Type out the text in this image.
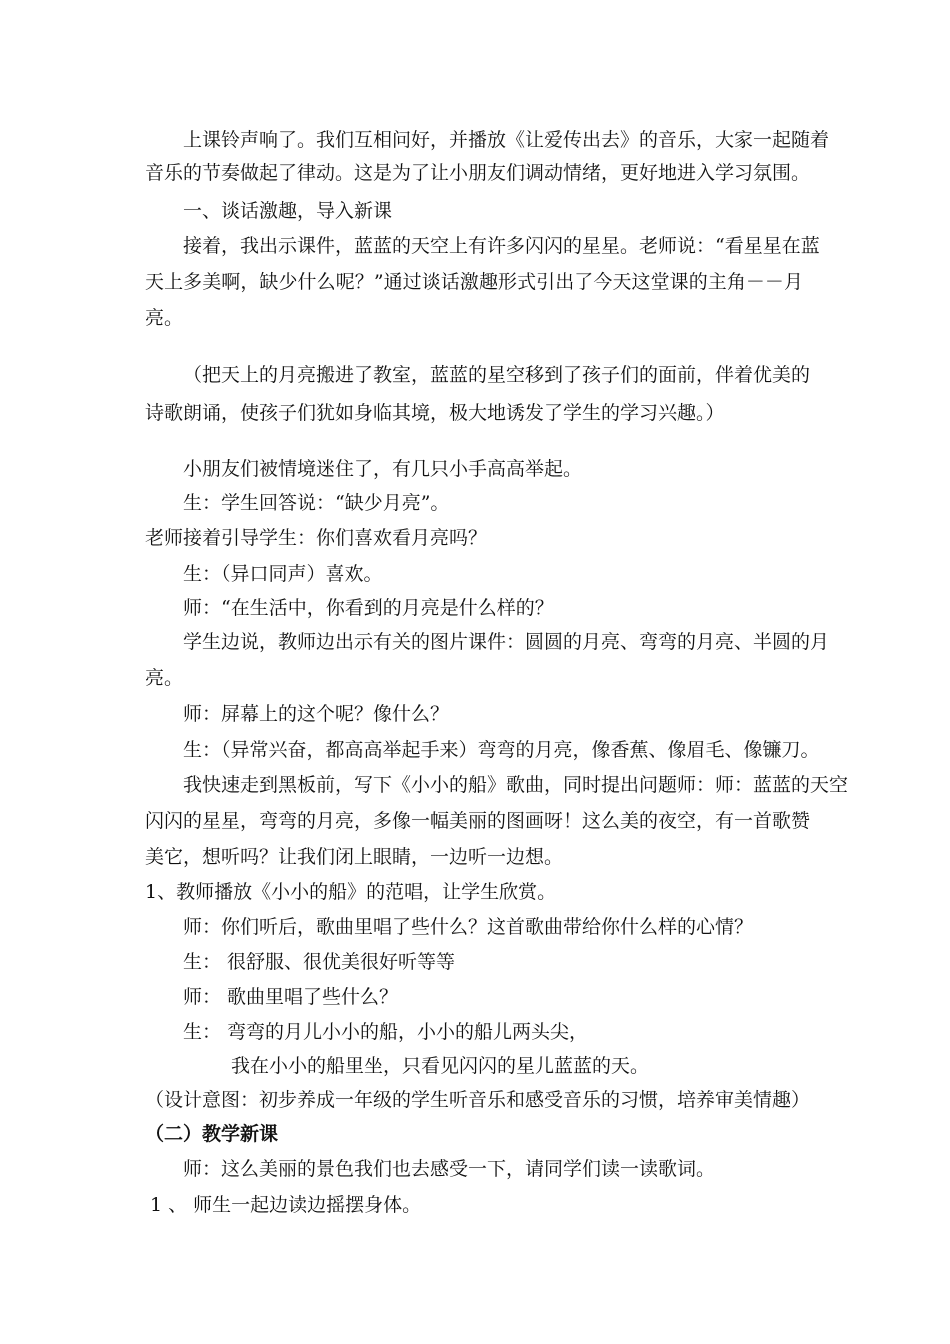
上课铃声响了。我们互相问好，并播放《让爱传出去》的音乐，大家一起随着
音乐的节奏做起了律动。这是为了让小朋友们调动情绪，更好地进入学习氛围。
一、谈话激趣，导入新课
接着，我出示课件，蓝蓝的天空上有许多闪闪的星星。老师说：“看星星在蓝
天上多美啊，缺少什么呢？”通过谈话激趣形式引出了今天这堂课的主角－－月
亮。
（把天上的月亮搬进了教室，蓝蓝的星空移到了孩子们的面前，伴着优美的
诗歌朗诵，使孩子们犹如身临其境，极大地诱发了学生的学习兴趣。）
小朋友们被情境迷住了，有几只小手高高举起。
生：学生回答说：“缺少月亮”。
老师接着引导学生：你们喜欢看月亮吗？
生：（异口同声）喜欢。
师：“在生活中，你看到的月亮是什么样的？
学生边说，教师边出示有关的图片课件：圆圆的月亮、弯弯的月亮、半圆的月
亮。
师：屏幕上的这个呢？像什么？
生：（异常兴奋，都高高举起手来）弯弯的月亮，像香蕉、像眉毛、像镰刀。
我快速走到黑板前，写下《小小的船》歌曲，同时提出问题师：师：蓝蓝的天空
闪闪的星星，弯弯的月亮，多像一幅美丽的图画呀！这么美的夜空，有一首歌赞
美它，想听吗？让我们闭上眼睛，一边听一边想。
1、教师播放《小小的船》的范唱，让学生欣赏。
师：你们听后，歌曲里唱了些什么？这首歌曲带给你什么样的心情？
生： 很舒服、很优美很好听等等
师： 歌曲里唱了些什么？
生： 弯弯的月儿小小的船，小小的船儿两头尖，
我在小小的船里坐，只看见闪闪的星儿蓝蓝的天。
（设计意图：初步养成一年级的学生听音乐和感受音乐的习惯，培养审美情趣）
（二）教学新课
师：这么美丽的景色我们也去感受一下，请同学们读一读歌词。
1 、 师生一起边读边摇摆身体。
